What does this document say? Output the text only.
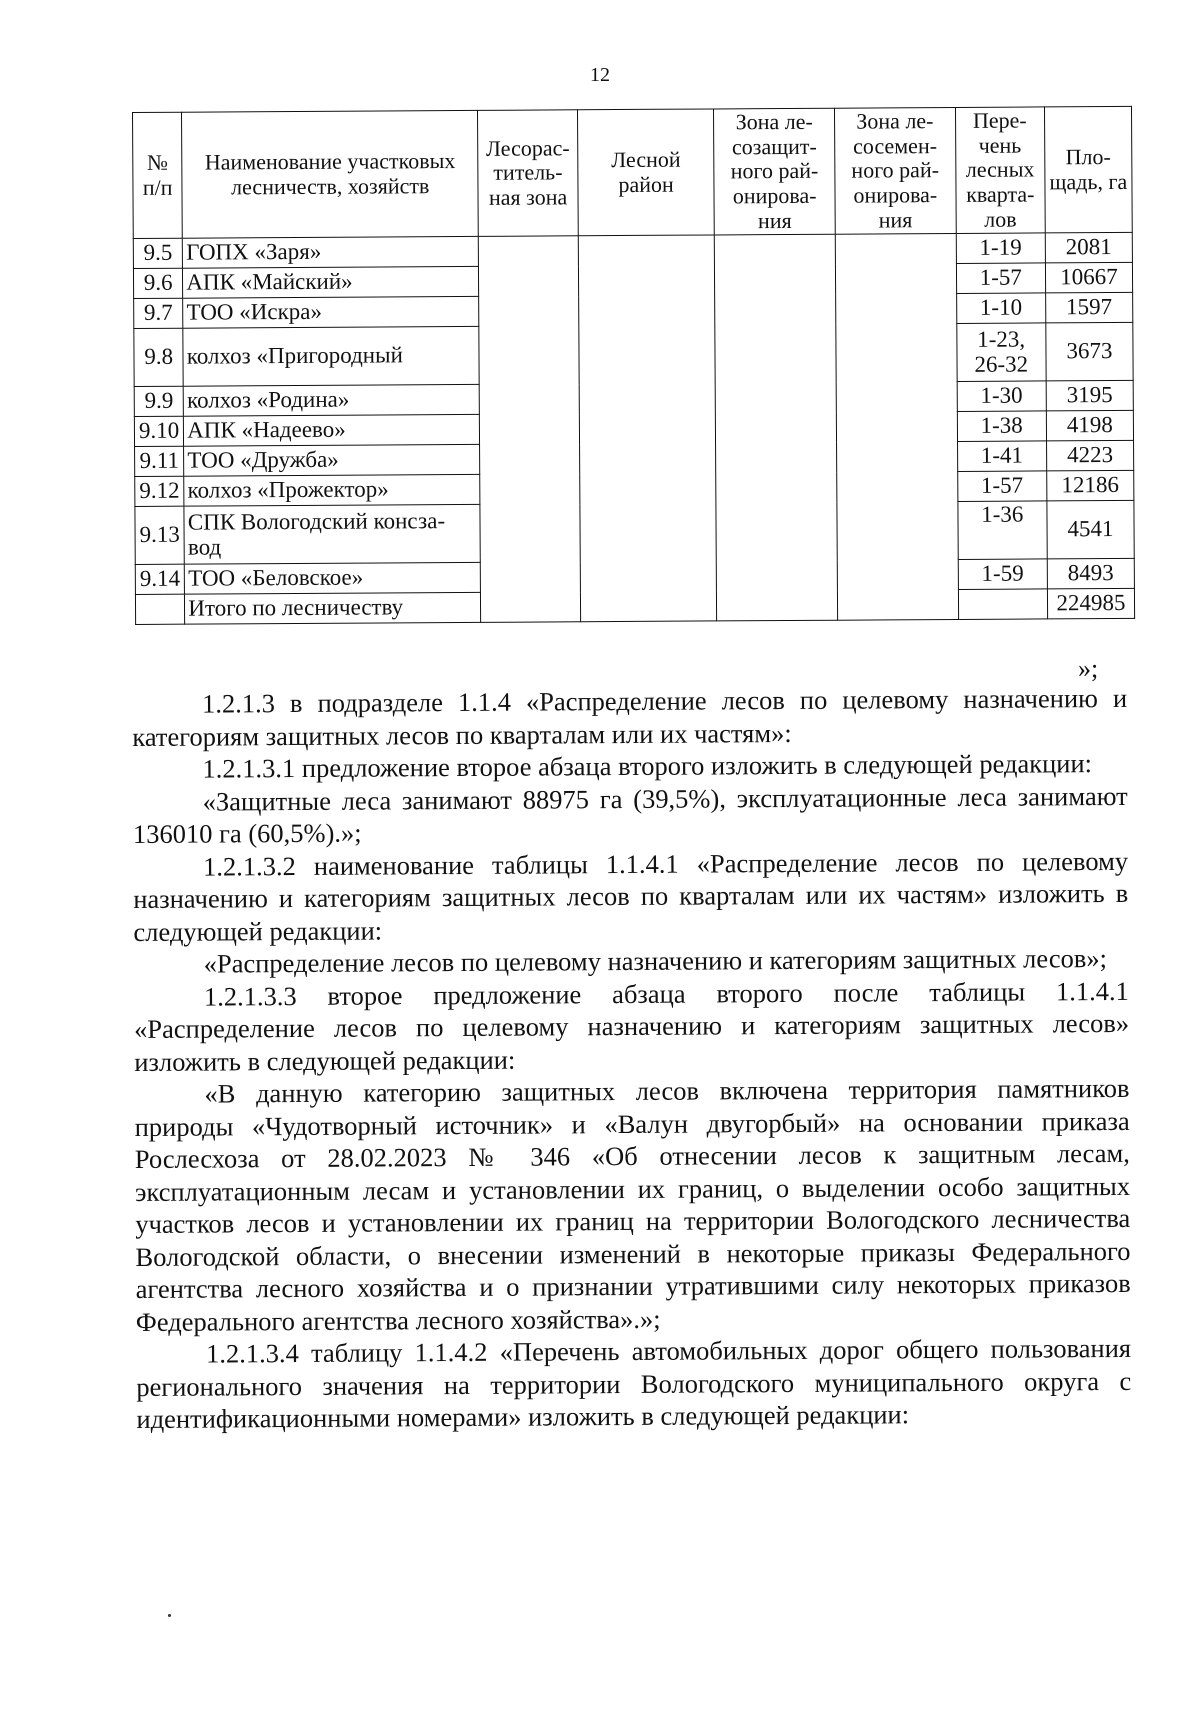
12
№ п/п	Наименование участковых лесничеств, хозяйств	Лесорас-титель-ная зона	Лесной район	Зона ле-созащит-ного рай-онирова-ния	Зона ле-сосемен-ного рай-онирова-ния	Пере-чень лесных кварта-лов	Пло-щадь, га
9.5	ГОПХ «Заря»					1-19	2081
9.6	АПК «Майский»					1-57	10667
9.7	ТОО «Искра»					1-10	1597
9.8	колхоз «Пригородный					1-23, 26-32	3673
9.9	колхоз «Родина»					1-30	3195
9.10	АПК «Надеево»					1-38	4198
9.11	ТОО «Дружба»					1-41	4223
9.12	колхоз «Прожектор»					1-57	12186
9.13	СПК Вологодский консза-вод					1-36	4541
9.14	ТОО «Беловское»					1-59	8493
	Итого по лесничеству						224985
»;

1.2.1.3 в подразделе 1.1.4 «Распределение лесов по целевому назначению и категориям защитных лесов по кварталам или их частям»:

1.2.1.3.1 предложение второе абзаца второго изложить в следующей редакции:

«Защитные леса занимают 88975 га (39,5%), эксплуатационные леса занимают 136010 га (60,5%).»;

1.2.1.3.2 наименование таблицы 1.1.4.1 «Распределение лесов по целевому назначению и категориям защитных лесов по кварталам или их частям» изложить в следующей редакции:

«Распределение лесов по целевому назначению и категориям защитных лесов»;

1.2.1.3.3 второе предложение абзаца второго после таблицы 1.1.4.1 «Распределение лесов по целевому назначению и категориям защитных лесов» изложить в следующей редакции:

«В данную категорию защитных лесов включена территория памятников природы «Чудотворный источник» и «Валун двугорбый» на основании приказа Рослесхоза от 28.02.2023 № 346 «Об отнесении лесов к защитным лесам, эксплуатационным лесам и установлении их границ, о выделении особо защитных участков лесов и установлении их границ на территории Вологодского лесничества Вологодской области, о внесении изменений в некоторые приказы Федерального агентства лесного хозяйства и о признании утратившими силу некоторых приказов Федерального агентства лесного хозяйства».»;

1.2.1.3.4 таблицу 1.1.4.2 «Перечень автомобильных дорог общего пользования регионального значения на территории Вологодского муниципального округа с идентификационными номерами» изложить в следующей редакции:
